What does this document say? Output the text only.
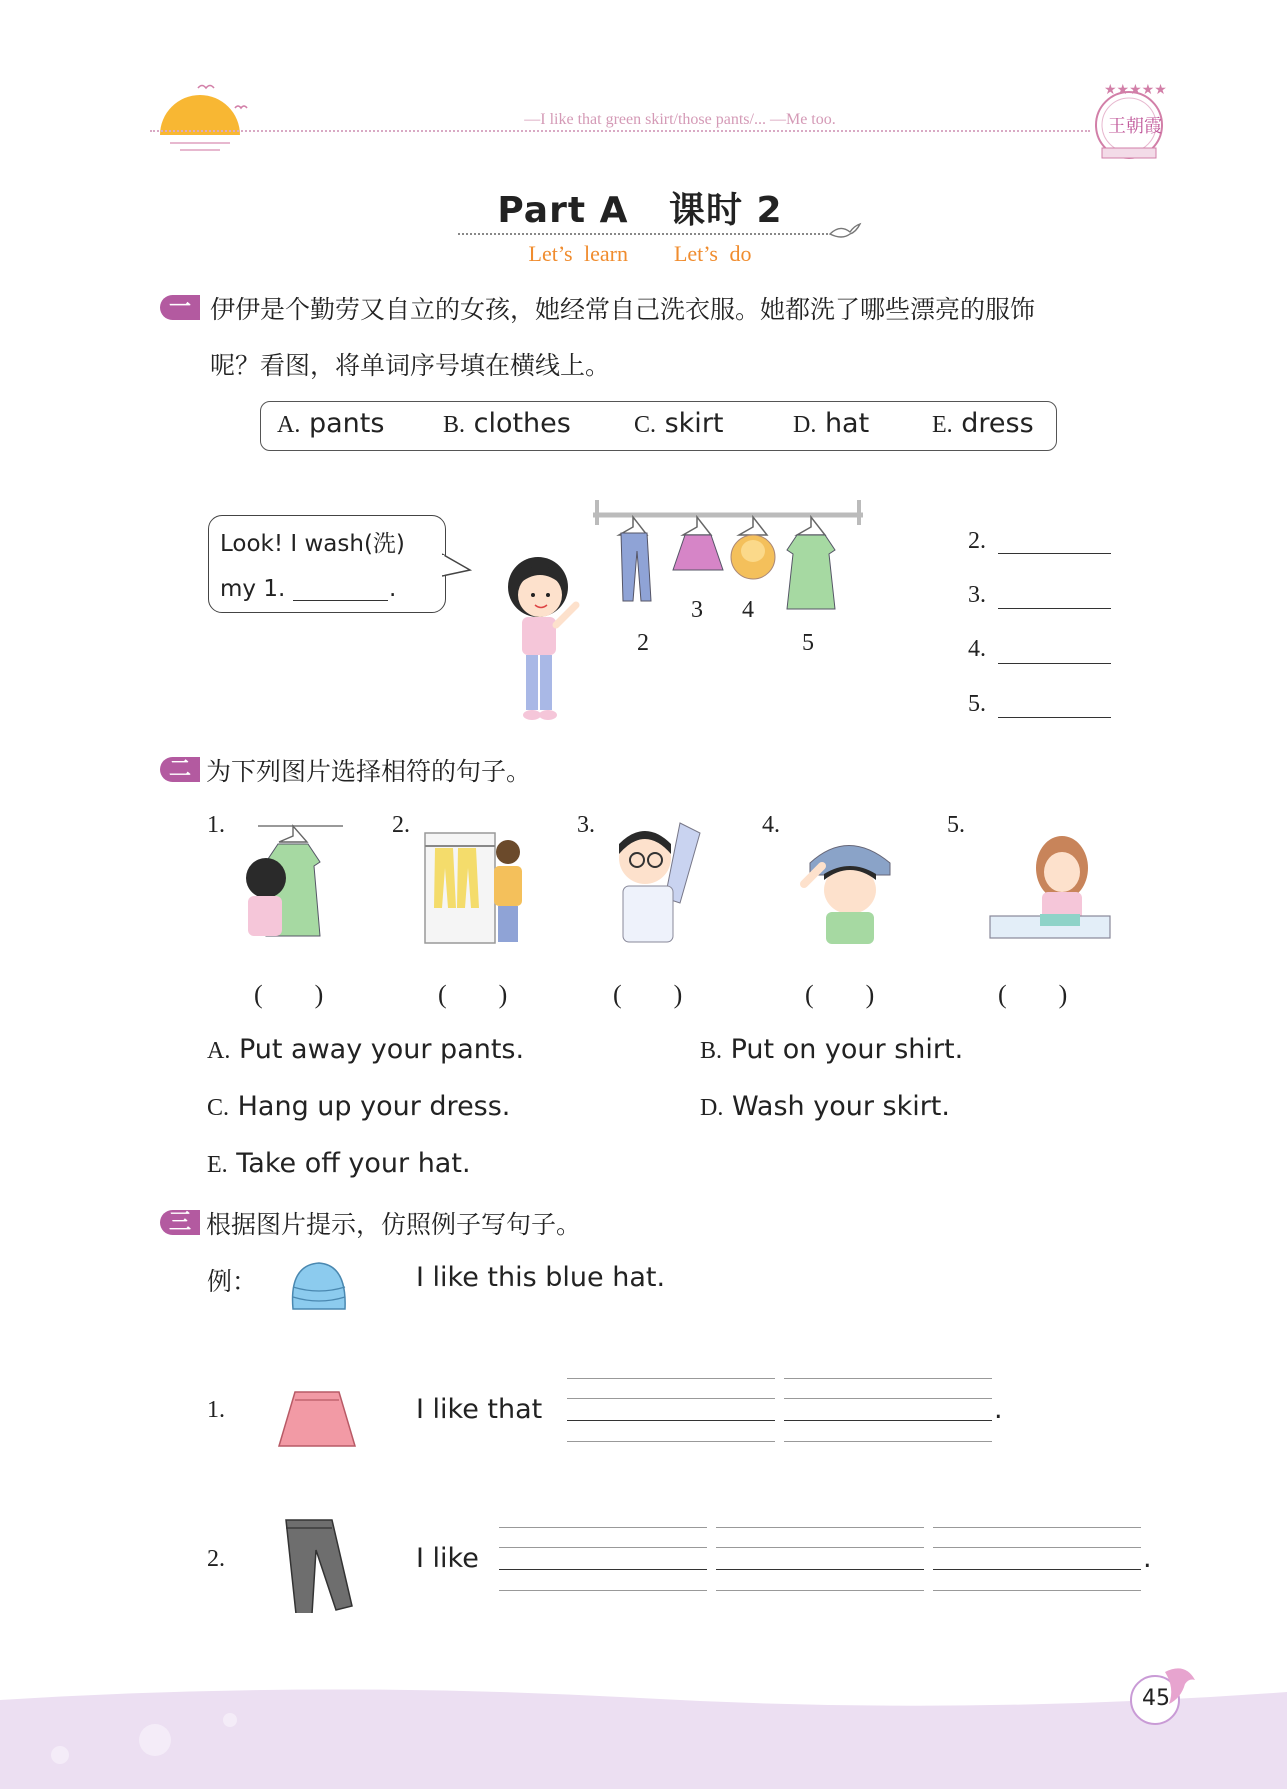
—I like that green skirt/those pants/... —Me too.
★★★★★
王朝霞
Part A   课时 2
Let’s learn    Let’s do
一 伊伊是个勤劳又自立的女孩，她经常自己洗衣服。她都洗了哪些漂亮的服饰
呢？看图，将单词序号填在横线上。
A. pants B. clothes	C. skirt	D. hat	E. dress
Look! I wash(洗)
my 1.	.
2
3 4
5
2.
3.
4.
5.
二 为下列图片选择相符的句子。
1.	2.	3.	4.	5.
(        )	(        )	(        )	(        )	(        )
A. Put away your pants.	B. Put on your shirt.
C. Hang up your dress.	D. Wash your skirt.
E. Take off your hat.
三 根据图片提示，仿照例子写句子。
例：	I like this blue hat.
1.	I like that	.
2.	I like	.
45
